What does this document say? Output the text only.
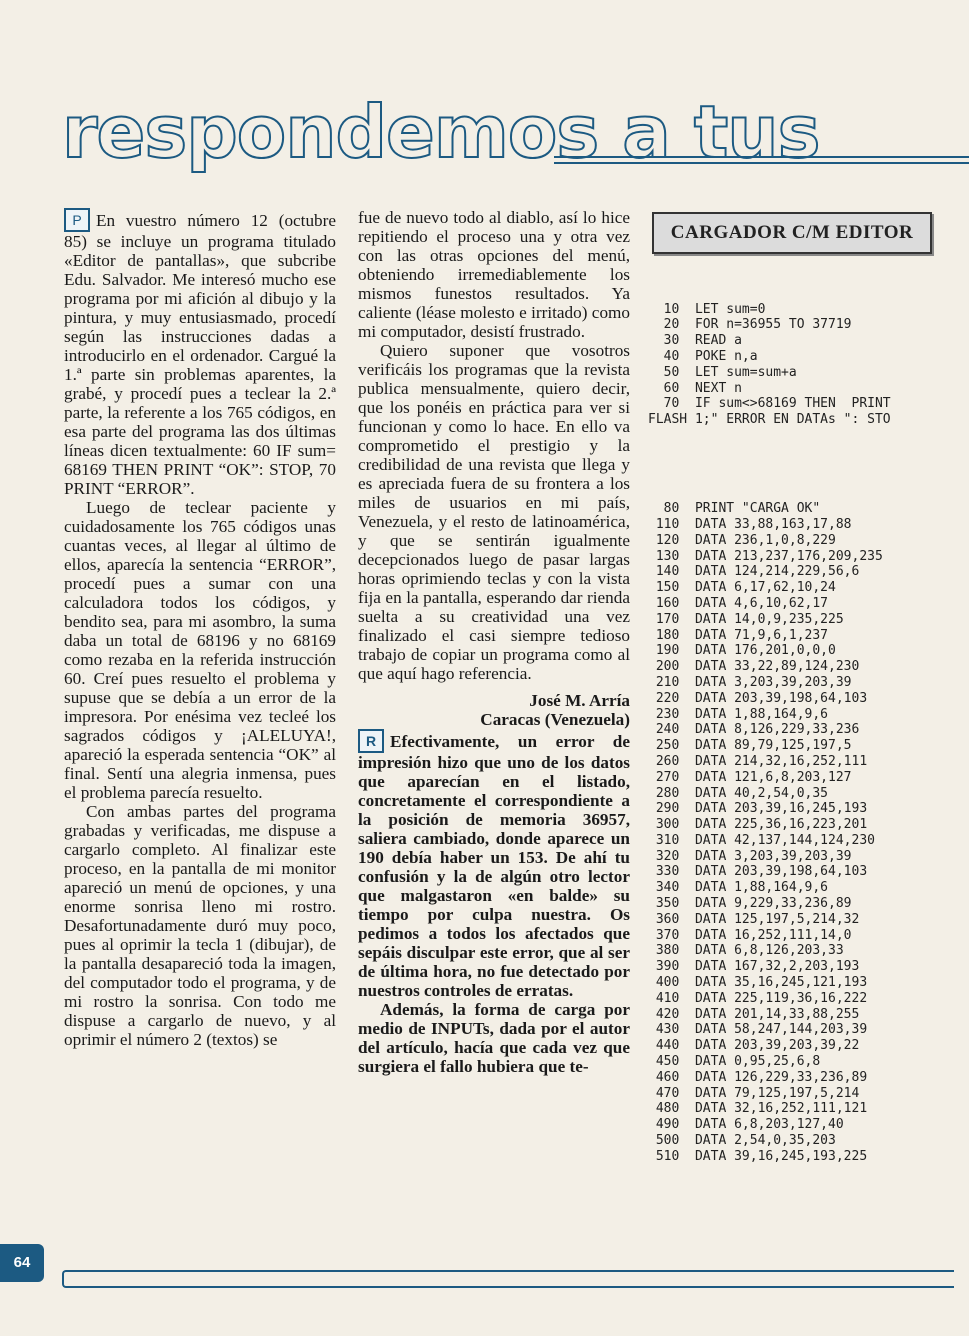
respondemos a tus

P En vuestro número 12 (octubre 85) se incluye un programa titulado «Editor de pantallas», que subcribe Edu. Salvador. Me interesó mucho ese programa por mi afición al dibujo y la pintura, y muy entusiasmado, procedí según las instrucciones dadas a introducirlo en el ordenador. Cargué la 1.ª parte sin problemas aparentes, la grabé, y procedí pues a teclear la 2.ª parte, la referente a los 765 códigos, en esa parte del programa las dos últimas líneas dicen textualmente: 60 IF sum= 68169 THEN PRINT “OK”: STOP, 70 PRINT “ERROR”.

Luego de teclear paciente y cuidadosamente los 765 códigos unas cuantas veces, al llegar al último de ellos, aparecía la sentencia “ERROR”, procedí pues a sumar con una calculadora todos los códigos, y bendito sea, para mi asombro, la suma daba un total de 68196 y no 68169 como rezaba en la referida instrucción 60. Creí pues resuelto el problema y supuse que se debía a un error de la impresora. Por enésima vez tecleé los sagrados códigos y ¡ALELUYA!, apareció la esperada sentencia “OK” al final. Sentí una alegria inmensa, pues el problema parecía resuelto.

Con ambas partes del programa grabadas y verificadas, me dispuse a cargarlo completo. Al finalizar este proceso, en la pantalla de mi monitor apareció un menú de opciones, y una enorme sonrisa lleno mi rostro. Desafortunadamente duró muy poco, pues al oprimir la tecla 1 (dibujar), de la pantalla desapareció toda la imagen, del computador todo el programa, y de mi rostro la sonrisa. Con todo me dispuse a cargarlo de nuevo, y al oprimir el número 2 (textos) se

fue de nuevo todo al diablo, así lo hice repitiendo el proceso una y otra vez con las otras opciones del menú, obteniendo irremediablemente los mismos funestos resultados. Ya caliente (léase molesto e irritado) como mi computador, desistí frustrado.

Quiero suponer que vosotros verificáis los programas que la revista publica mensualmente, quiero decir, que los ponéis en práctica para ver si funcionan y como lo hace. En ello va comprometido el prestigio y la credibilidad de una revista que llega y es apreciada fuera de su frontera a los miles de usuarios en mi país, Venezuela, y el resto de latinoamérica, y que se sentirán igualmente decepcionados luego de pasar largas horas oprimiendo teclas y con la vista fija en la pantalla, esperando dar rienda suelta a su creatividad una vez finalizado el casi siempre tedioso trabajo de copiar un programa como al que aquí hago referencia.

José M. Arría
Caracas (Venezuela)

R Efectivamente, un error de impresión hizo que uno de los datos que aparecían en el listado, concretamente el correspondiente a la posición de memoria 36957, saliera cambiado, donde aparece un 190 debía haber un 153. De ahí tu confusión y la de algún otro lector que malgastaron «en balde» su tiempo por culpa nuestra. Os pedimos a todos los afectados que sepáis disculpar este error, que al ser de última hora, no fue detectado por nuestros controles de erratas.

Además, la forma de carga por medio de INPUTs, dada por el autor del artículo, hacía que cada vez que surgiera el fallo hubiera que te-

CARGADOR C/M EDITOR

10  LET sum=0
20  FOR n=36955 TO 37719
30  READ a
40  POKE n,a
50  LET sum=sum+a
60  NEXT n
70  IF sum<>68169 THEN  PRINT
FLASH 1;" ERROR EN DATAs ": STO

80  PRINT "CARGA OK"
110  DATA 33,88,163,17,88
120  DATA 236,1,0,8,229
130  DATA 213,237,176,209,235
140  DATA 124,214,229,56,6
150  DATA 6,17,62,10,24
160  DATA 4,6,10,62,17
170  DATA 14,0,9,235,225
180  DATA 71,9,6,1,237
190  DATA 176,201,0,0,0
200  DATA 33,22,89,124,230
210  DATA 3,203,39,203,39
220  DATA 203,39,198,64,103
230  DATA 1,88,164,9,6
240  DATA 8,126,229,33,236
250  DATA 89,79,125,197,5
260  DATA 214,32,16,252,111
270  DATA 121,6,8,203,127
280  DATA 40,2,54,0,35
290  DATA 203,39,16,245,193
300  DATA 225,36,16,223,201
310  DATA 42,137,144,124,230
320  DATA 3,203,39,203,39
330  DATA 203,39,198,64,103
340  DATA 1,88,164,9,6
350  DATA 9,229,33,236,89
360  DATA 125,197,5,214,32
370  DATA 16,252,111,14,0
380  DATA 6,8,126,203,33
390  DATA 167,32,2,203,193
400  DATA 35,16,245,121,193
410  DATA 225,119,36,16,222
420  DATA 201,14,33,88,255
430  DATA 58,247,144,203,39
440  DATA 203,39,203,39,22
450  DATA 0,95,25,6,8
460  DATA 126,229,33,236,89
470  DATA 79,125,197,5,214
480  DATA 32,16,252,111,121
490  DATA 6,8,203,127,40
500  DATA 2,54,0,35,203
510  DATA 39,16,245,193,225

64
